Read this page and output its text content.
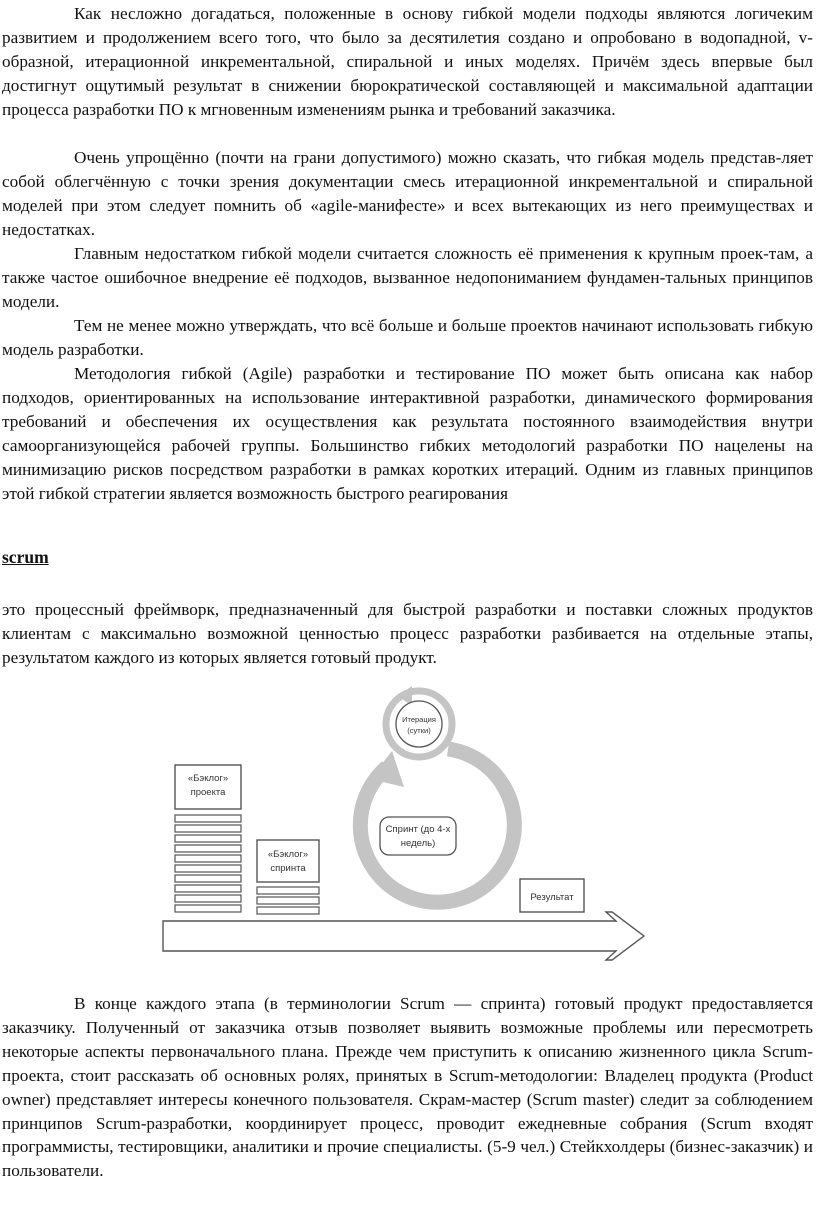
Как несложно догадаться, положенные в основу гибкой модели подходы являются логичеким развитием и продолжением всего того, что было за десятилетия создано и опробовано в водопадной, v-образной, итерационной инкрементальной, спиральной и иных моделях. Причём здесь впервые был достигнут ощутимый результат в снижении бюрократической составляющей и максимальной адаптации процесса разработки ПО к мгновенным изменениям рынка и требований заказчика.

Очень упрощённо (почти на грани допустимого) можно сказать, что гибкая модель представ-ляет собой облегчённую с точки зрения документации смесь итерационной инкрементальной и спиральной моделей при этом следует помнить об «agile-манифесте» и всех вытекающих из него преимуществах и недостатках.

Главным недостатком гибкой модели считается сложность её применения к крупным проек-там, а также частое ошибочное внедрение её подходов, вызванное недопониманием фундамен-тальных принципов модели.

Тем не менее можно утверждать, что всё больше и больше проектов начинают использовать гибкую модель разработки.

Методология гибкой (Agile) разработки и тестирование ПО может быть описана как набор подходов, ориентированных на использование интерактивной разработки, динамического формирования требований и обеспечения их осуществления как результата постоянного взаимодействия внутри самоорганизующейся рабочей группы. Большинство гибких методологий разработки ПО нацелены на минимизацию рисков посредством разработки в рамках коротких итераций. Одним из главных принципов этой гибкой стратегии является возможность быстрого реагирования

scrum

это процессный фреймворк, предназначенный для быстрой разработки и поставки сложных продуктов клиентам с максимально возможной ценностью процесс разработки разбивается на отдельные этапы, результатом каждого из которых является готовый продукт.

«Бэклог»
проекта
«Бэклог»
спринта
Итерация
(сутки)
Спринт (до 4-х
недель)
Результат

В конце каждого этапа (в терминологии Scrum — спринта) готовый продукт предоставляется заказчику. Полученный от заказчика отзыв позволяет выявить возможные проблемы или пересмотреть некоторые аспекты первоначального плана. Прежде чем приступить к описанию жизненного цикла Scrum-проекта, стоит рассказать об основных ролях, принятых в Scrum-методологии: Владелец продукта (Product owner) представляет интересы конечного пользователя. Скрам-мастер (Scrum master) следит за соблюдением принципов Scrum-разработки, координирует процесс, проводит ежедневные собрания (Scrum входят программисты, тестировщики, аналитики и прочие специалисты. (5-9 чел.) Стейкхолдеры (бизнес-заказчик) и пользователи.
